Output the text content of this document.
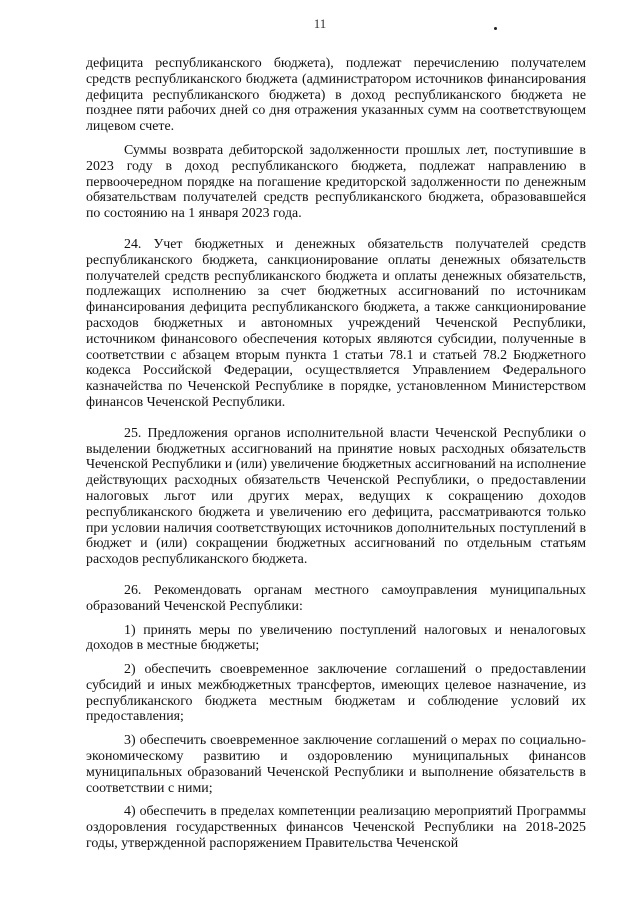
11

дефицита республиканского бюджета), подлежат перечислению получателем средств республиканского бюджета (администратором источников финансирования дефицита республиканского бюджета) в доход республиканского бюджета не позднее пяти рабочих дней со дня отражения указанных сумм на соответствующем лицевом счете.

Суммы возврата дебиторской задолженности прошлых лет, поступившие в 2023 году в доход республиканского бюджета, подлежат направлению в первоочередном порядке на погашение кредиторской задолженности по денежным обязательствам получателей средств республиканского бюджета, образовавшейся по состоянию на 1 января 2023 года.

24. Учет бюджетных и денежных обязательств получателей средств республиканского бюджета, санкционирование оплаты денежных обязательств получателей средств республиканского бюджета и оплаты денежных обязательств, подлежащих исполнению за счет бюджетных ассигнований по источникам финансирования дефицита республиканского бюджета, а также санкционирование расходов бюджетных и автономных учреждений Чеченской Республики, источником финансового обеспечения которых являются субсидии, полученные в соответствии с абзацем вторым пункта 1 статьи 78.1 и статьей 78.2 Бюджетного кодекса Российской Федерации, осуществляется Управлением Федерального казначейства по Чеченской Республике в порядке, установленном Министерством финансов Чеченской Республики.

25. Предложения органов исполнительной власти Чеченской Республики о выделении бюджетных ассигнований на принятие новых расходных обязательств Чеченской Республики и (или) увеличение бюджетных ассигнований на исполнение действующих расходных обязательств Чеченской Республики, о предоставлении налоговых льгот или других мерах, ведущих к сокращению доходов республиканского бюджета и увеличению его дефицита, рассматриваются только при условии наличия соответствующих источников дополнительных поступлений в бюджет и (или) сокращении бюджетных ассигнований по отдельным статьям расходов республиканского бюджета.

26. Рекомендовать органам местного самоуправления муниципальных образований Чеченской Республики:

1) принять меры по увеличению поступлений налоговых и неналоговых доходов в местные бюджеты;

2) обеспечить своевременное заключение соглашений о предоставлении субсидий и иных межбюджетных трансфертов, имеющих целевое назначение, из республиканского бюджета местным бюджетам и соблюдение условий их предоставления;

3) обеспечить своевременное заключение соглашений о мерах по социально-экономическому развитию и оздоровлению муниципальных финансов муниципальных образований Чеченской Республики и выполнение обязательств в соответствии с ними;

4) обеспечить в пределах компетенции реализацию мероприятий Программы оздоровления государственных финансов Чеченской Республики на 2018-2025 годы, утвержденной распоряжением Правительства Чеченской
